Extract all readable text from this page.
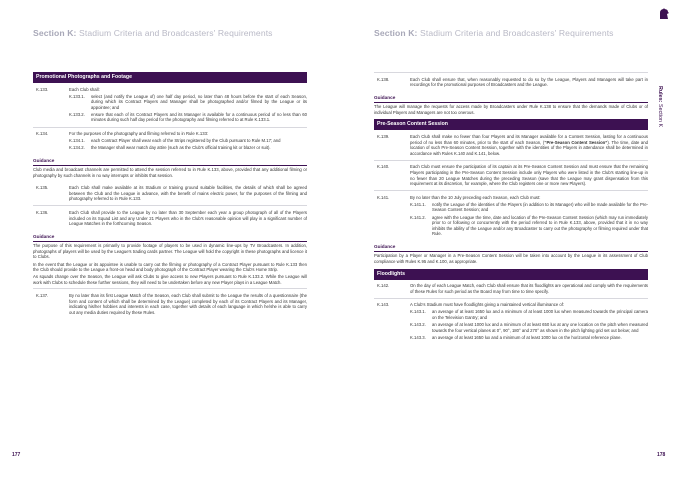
Section K: Stadium Criteria and Broadcasters' Requirements
Promotional Photographs and Footage
K.133.	Each Club shall:
K.133.1.	select (and notify the League of) one half day period, no later than 48 hours before the start of each Season, during which its Contract Players and Manager shall be photographed and/or filmed by the League or its appointee; and
K.133.2.	ensure that each of its Contract Players and its Manager is available for a continuous period of no less than 60 minutes during such half day period for the photography and filming referred to at Rule K.133.1.
K.134.	For the purposes of the photography and filming referred to in Rule K.133:
K.134.1.	each Contract Player shall wear each of the Strips registered by the Club pursuant to Rule M.17; and
K.134.2.	the Manager shall wear match day attire (such as the Club's official training kit or blazer or suit).
Guidance
Club media and broadcast channels are permitted to attend the session referred to in Rule K.133, above, provided that any additional filming or photography by such channels in no way interrupts or inhibits that session.
K.135.	Each Club shall make available at its Stadium or training ground suitable facilities, the details of which shall be agreed between the Club and the League in advance, with the benefit of mains electric power, for the purposes of the filming and photography referred to in Rule K.133.
K.136.	Each Club shall provide to the League by no later than 30 September each year a group photograph of all of the Players included on its Squad List and any Under 21 Players who in the Club's reasonable opinion will play in a significant number of League Matches in the forthcoming Season.
Guidance
The purpose of this requirement is primarily to provide footage of players to be used in dynamic line-ups by TV Broadcasters. In addition, photographs of players will be used by the League's trading cards partner. The League will hold the copyright in these photographs and licence it to Clubs.
In the event that the League or its appointee is unable to carry out the filming or photography of a Contract Player pursuant to Rule K.133 then the Club should provide to the League a front-on head and body photograph of the Contract Player wearing the Club's Home Strip.
As squads change over the Season, the League will ask Clubs to give access to new Players pursuant to Rule K.133.2. While the League will work with Clubs to schedule these further sessions, they will need to be undertaken before any new Player plays in a League Match.
K.137.	By no later than its first League Match of the Season, each Club shall submit to the League the results of a questionnaire (the form and content of which shall be determined by the League) completed by each of its Contract Players and its Manager, indicating his/her hobbies and interests in each case, together with details of each language in which he/she is able to carry out any media duties required by these Rules.
177
Section K: Stadium Criteria and Broadcasters' Requirements
Rules: Section K
K.138.	Each Club shall ensure that, when reasonably requested to do so by the League, Players and Managers will take part in recordings for the promotional purposes of Broadcasters and the League.
Guidance
The League will manage the requests for access made by Broadcasters under Rule K.138 to ensure that the demands made of Clubs or of individual Players and Managers are not too onerous.
Pre-Season Content Session
K.139.	Each Club shall make no fewer than four Players and its Manager available for a Content Session, lasting for a continuous period of no less than 60 minutes, prior to the start of each Season, (“Pre-Season Content Session”). The time, date and location of such Pre-Season Content Session, together with the identities of the Players in attendance shall be determined in accordance with Rules K.140 and K.141, below.
K.140.	Each Club must ensure the participation of its captain at its Pre-Season Content Session and must ensure that the remaining Players participating in the Pre-Season Content Session include only Players who were listed in the Club's starting line-up in no fewer than 20 League Matches during the preceding Season (save that the League may grant dispensation from this requirement at its discretion, for example, where the Club registers one or more new Players).
K.141.	By no later than the 10 July preceding each Season, each Club must:
K.141.1.	notify the League of the identities of the Players (in addition to its Manager) who will be made available for the Pre-Season Content Session; and
K.141.2.	agree with the League the time, date and location of the Pre-Season Content Session (which may run immediately prior to or following or concurrently with the period referred to in Rule K.133, above, provided that it in no way inhibits the ability of the League and/or any Broadcaster to carry out the photography or filming required under that Rule.
Guidance
Participation by a Player or Manager in a Pre-Season Content Session will be taken into account by the League in its assessment of Club compliance with Rules K.95 and K.100, as appropriate.
Floodlights
K.142.	On the day of each League Match, each Club shall ensure that its floodlights are operational and comply with the requirements of these Rules for such period as the Board may from time to time specify.
K.143.	A Club's Stadium must have floodlights giving a maintained vertical illuminance of:
K.143.1.	an average of at least 1650 lux and a minimum of at least 1000 lux when measured towards the principal camera on the Television Gantry; and
K.143.2.	an average of at least 1000 lux and a minimum of at least 650 lux at any one location on the pitch when measured towards the four vertical planes at 0°, 90°, 180° and 270° as shown in the pitch lighting grid set out below; and
K.143.3.	an average of at least 1650 lux and a minimum of at least 1000 lux on the horizontal reference plane.
178
